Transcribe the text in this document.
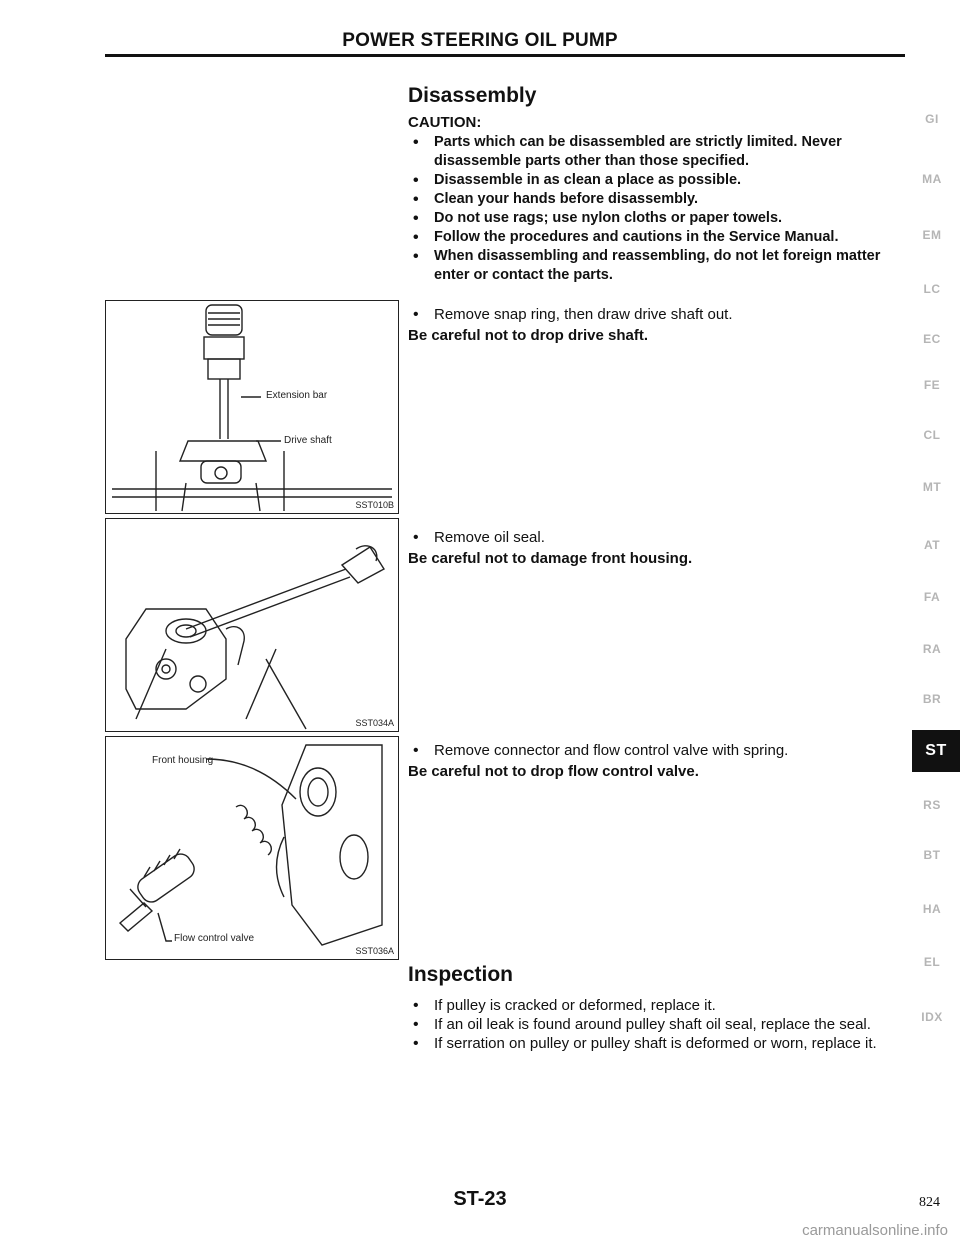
POWER STEERING OIL PUMP
Disassembly
CAUTION:
• Parts which can be disassembled are strictly limited. Never disassemble parts other than those specified.
• Disassemble in as clean a place as possible.
• Clean your hands before disassembly.
• Do not use rags; use nylon cloths or paper towels.
• Follow the procedures and cautions in the Service Manual.
• When disassembling and reassembling, do not let foreign matter enter or contact the parts.
• Remove snap ring, then draw drive shaft out.
Be careful not to drop drive shaft.
• Remove oil seal.
Be careful not to damage front housing.
• Remove connector and flow control valve with spring.
Be careful not to drop flow control valve.
Extension bar
Drive shaft
SST010B
SST034A
Front housing
Flow control valve
SST036A
Inspection
• If pulley is cracked or deformed, replace it.
• If an oil leak is found around pulley shaft oil seal, replace the seal.
• If serration on pulley or pulley shaft is deformed or worn, replace it.
GI
MA
EM
LC
EC
FE
CL
MT
AT
FA
RA
BR
ST
RS
BT
HA
EL
IDX
ST-23	824
carmanualsonline.info
